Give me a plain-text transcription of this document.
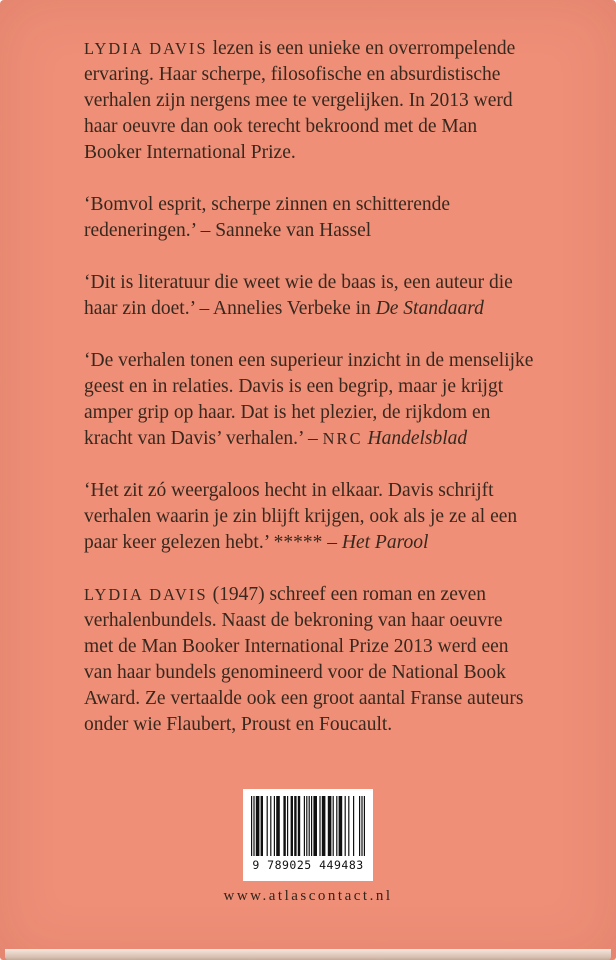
LYDIA DAVIS lezen is een unieke en overrompelende ervaring. Haar scherpe, filosofische en absurdistische verhalen zijn nergens mee te vergelijken. In 2013 werd haar oeuvre dan ook terecht bekroond met de Man Booker International Prize.

‘Bomvol esprit, scherpe zinnen en schitterende redeneringen.’ – Sanneke van Hassel

‘Dit is literatuur die weet wie de baas is, een auteur die haar zin doet.’ – Annelies Verbeke in De Standaard

‘De verhalen tonen een superieur inzicht in de menselijke geest en in relaties. Davis is een begrip, maar je krijgt amper grip op haar. Dat is het plezier, de rijkdom en kracht van Davis’ verhalen.’ – NRC Handelsblad

‘Het zit zó weergaloos hecht in elkaar. Davis schrijft verhalen waarin je zin blijft krijgen, ook als je ze al een paar keer gelezen hebt.’ ***** – Het Parool

LYDIA DAVIS (1947) schreef een roman en zeven verhalenbundels. Naast de bekroning van haar oeuvre met de Man Booker International Prize 2013 werd een van haar bundels genomineerd voor de National Book Award. Ze vertaalde ook een groot aantal Franse auteurs onder wie Flaubert, Proust en Foucault.

9 789025 449483
www.atlascontact.nl
